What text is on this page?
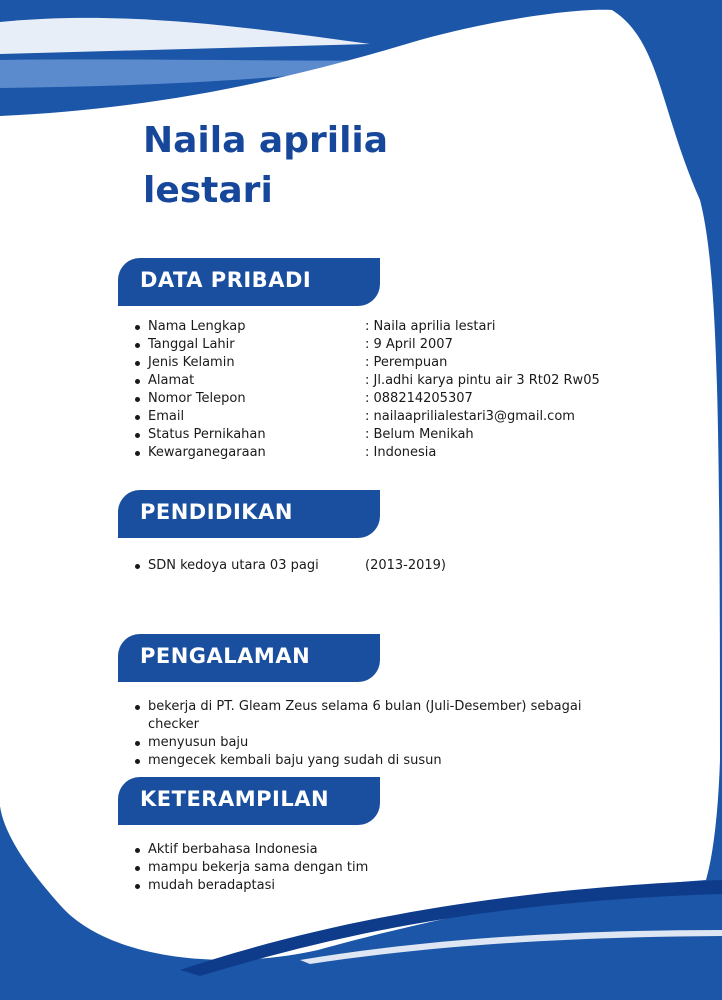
Naila aprilia
lestari
DATA PRIBADI
Nama Lengkap	: Naila aprilia lestari
Tanggal Lahir	: 9 April 2007
Jenis Kelamin	: Perempuan
Alamat	: Jl.adhi karya pintu air 3 Rt02 Rw05
Nomor Telepon	: 088214205307
Email	: nailaaprilialestari3@gmail.com
Status Pernikahan	: Belum Menikah
Kewarganegaraan	: Indonesia
PENDIDIKAN
SDN kedoya utara 03 pagi	(2013-2019)
PENGALAMAN
bekerja di PT. Gleam Zeus selama 6 bulan (Juli-Desember) sebagai
checker
menyusun baju
mengecek kembali baju yang sudah di susun
KETERAMPILAN
Aktif berbahasa Indonesia
mampu bekerja sama dengan tim
mudah beradaptasi
